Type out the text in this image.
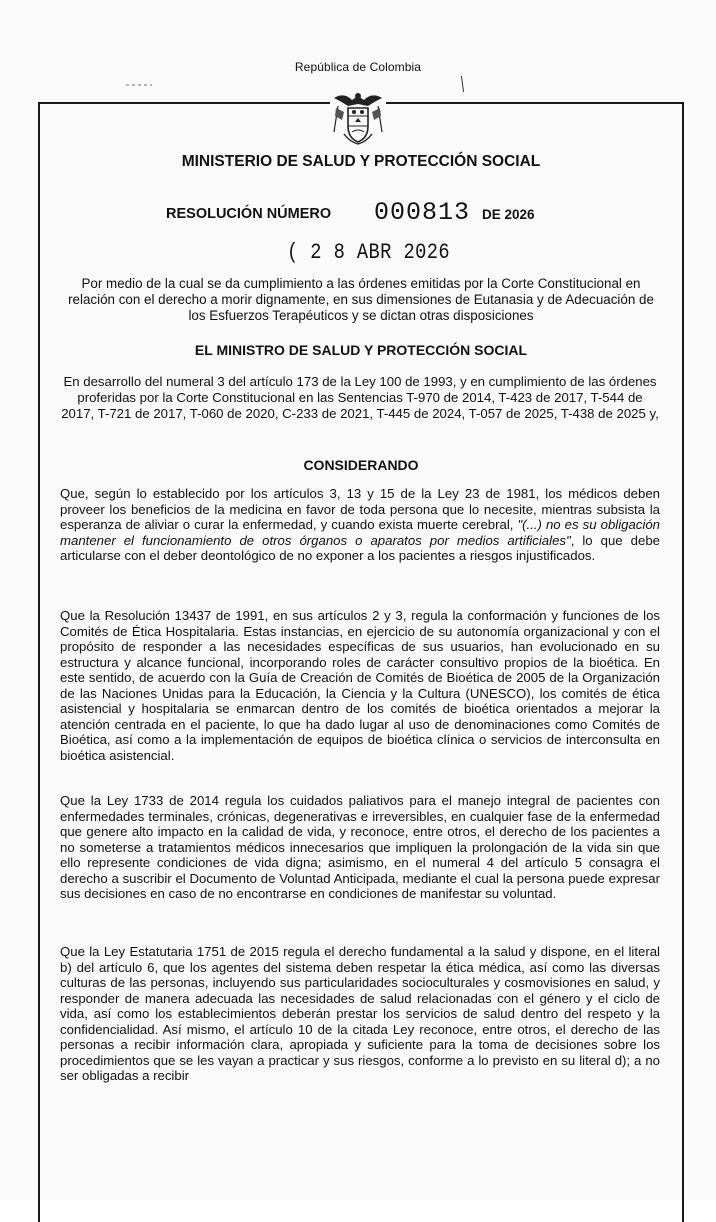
República de Colombia
MINISTERIO DE SALUD Y PROTECCIÓN SOCIAL
RESOLUCIÓN NÚMERO 000813 DE 2026
( 2 8 ABR 2026
Por medio de la cual se da cumplimiento a las órdenes emitidas por la Corte Constitucional en relación con el derecho a morir dignamente, en sus dimensiones de Eutanasia y de Adecuación de los Esfuerzos Terapéuticos y se dictan otras disposiciones
EL MINISTRO DE SALUD Y PROTECCIÓN SOCIAL
En desarrollo del numeral 3 del artículo 173 de la Ley 100 de 1993, y en cumplimiento de las órdenes proferidas por la Corte Constitucional en las Sentencias T-970 de 2014, T-423 de 2017, T-544 de 2017, T-721 de 2017, T-060 de 2020, C-233 de 2021, T-445 de 2024, T-057 de 2025, T-438 de 2025 y,
CONSIDERANDO
Que, según lo establecido por los artículos 3, 13 y 15 de la Ley 23 de 1981, los médicos deben proveer los beneficios de la medicina en favor de toda persona que lo necesite, mientras subsista la esperanza de aliviar o curar la enfermedad, y cuando exista muerte cerebral, "(...) no es su obligación mantener el funcionamiento de otros órganos o aparatos por medios artificiales", lo que debe articularse con el deber deontológico de no exponer a los pacientes a riesgos injustificados.
Que la Resolución 13437 de 1991, en sus artículos 2 y 3, regula la conformación y funciones de los Comités de Ética Hospitalaria. Estas instancias, en ejercicio de su autonomía organizacional y con el propósito de responder a las necesidades específicas de sus usuarios, han evolucionado en su estructura y alcance funcional, incorporando roles de carácter consultivo propios de la bioética. En este sentido, de acuerdo con la Guía de Creación de Comités de Bioética de 2005 de la Organización de las Naciones Unidas para la Educación, la Ciencia y la Cultura (UNESCO), los comités de ética asistencial y hospitalaria se enmarcan dentro de los comités de bioética orientados a mejorar la atención centrada en el paciente, lo que ha dado lugar al uso de denominaciones como Comités de Bioética, así como a la implementación de equipos de bioética clínica o servicios de interconsulta en bioética asistencial.
Que la Ley 1733 de 2014 regula los cuidados paliativos para el manejo integral de pacientes con enfermedades terminales, crónicas, degenerativas e irreversibles, en cualquier fase de la enfermedad que genere alto impacto en la calidad de vida, y reconoce, entre otros, el derecho de los pacientes a no someterse a tratamientos médicos innecesarios que impliquen la prolongación de la vida sin que ello represente condiciones de vida digna; asimismo, en el numeral 4 del artículo 5 consagra el derecho a suscribir el Documento de Voluntad Anticipada, mediante el cual la persona puede expresar sus decisiones en caso de no encontrarse en condiciones de manifestar su voluntad.
Que la Ley Estatutaria 1751 de 2015 regula el derecho fundamental a la salud y dispone, en el literal b) del artículo 6, que los agentes del sistema deben respetar la ética médica, así como las diversas culturas de las personas, incluyendo sus particularidades socioculturales y cosmovisiones en salud, y responder de manera adecuada las necesidades de salud relacionadas con el género y el ciclo de vida, así como los establecimientos deberán prestar los servicios de salud dentro del respeto y la confidencialidad. Así mismo, el artículo 10 de la citada Ley reconoce, entre otros, el derecho de las personas a recibir información clara, apropiada y suficiente para la toma de decisiones sobre los procedimientos que se les vayan a practicar y sus riesgos, conforme a lo previsto en su literal d); a no ser obligadas a recibir
